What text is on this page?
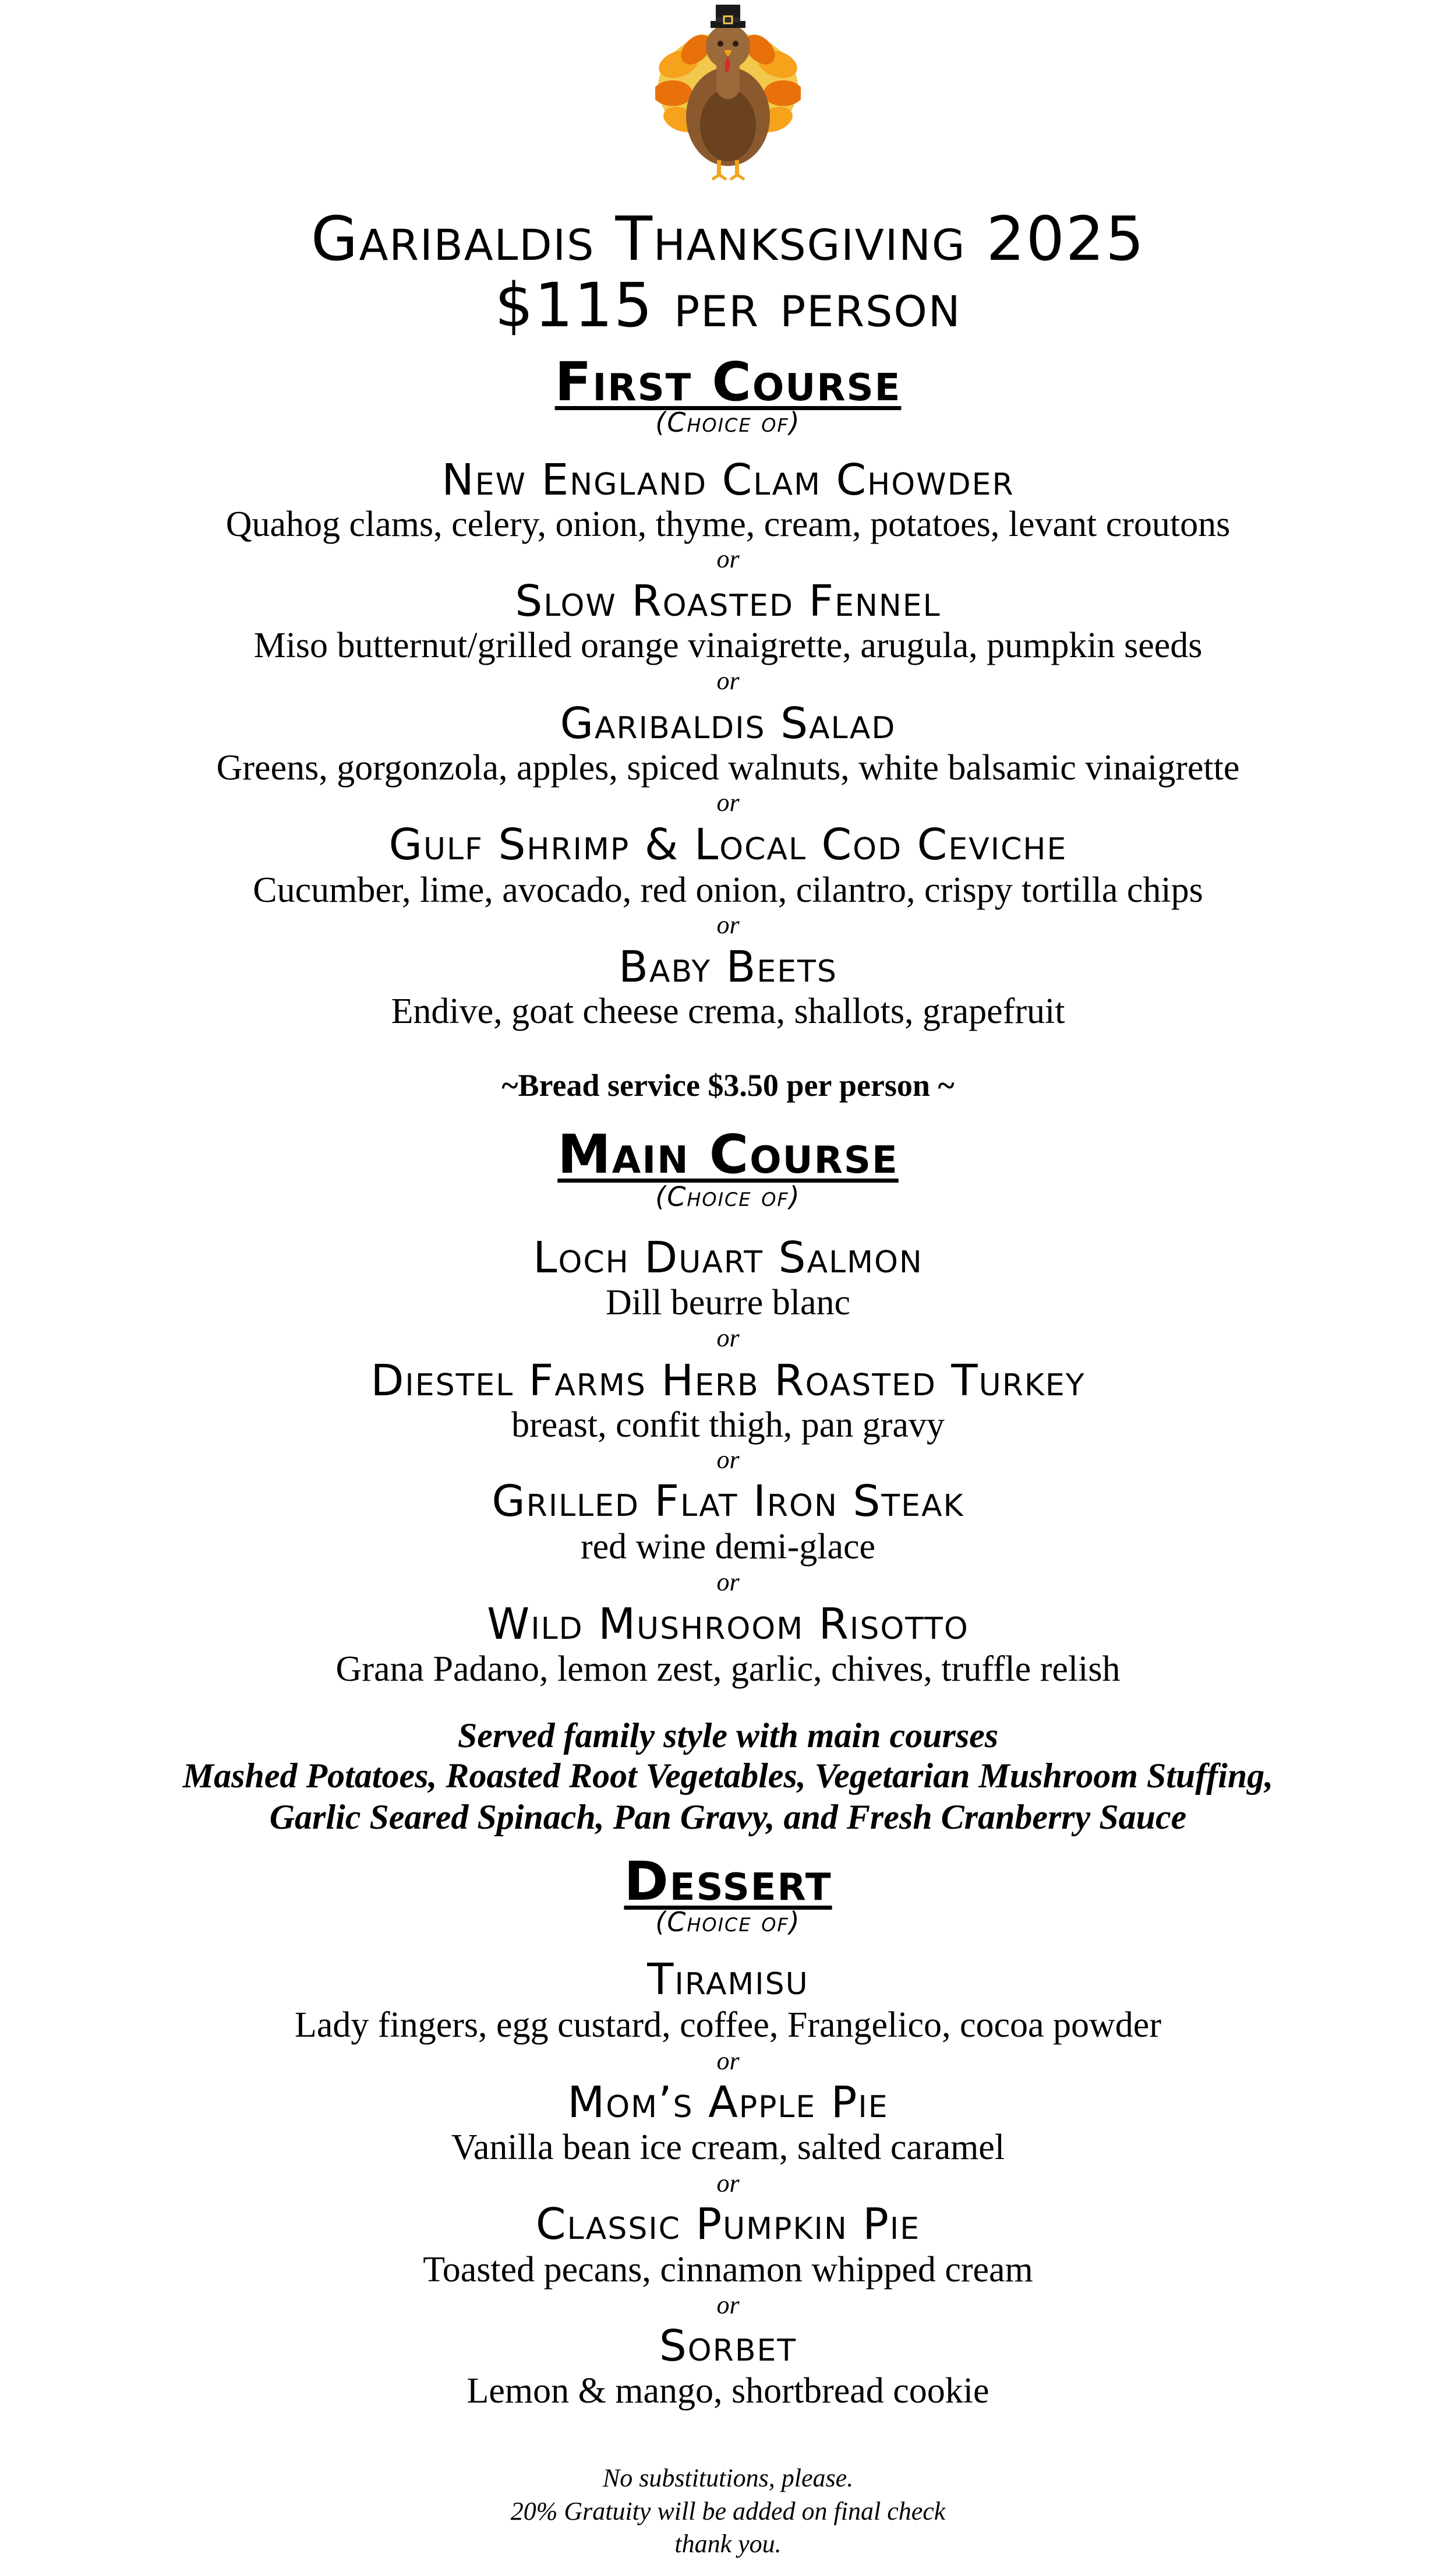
Garibaldis Thanksgiving 2025
$115 per person
First Course
(Choice of)
New England Clam Chowder
Quahog clams, celery, onion, thyme, cream, potatoes, levant croutons
or
Slow Roasted Fennel
Miso butternut/grilled orange vinaigrette, arugula, pumpkin seeds
or
Garibaldis Salad
Greens, gorgonzola, apples, spiced walnuts, white balsamic vinaigrette
or
Gulf Shrimp & Local Cod Ceviche
Cucumber, lime, avocado, red onion, cilantro, crispy tortilla chips
or
Baby Beets
Endive, goat cheese crema, shallots, grapefruit
~Bread service $3.50 per person ~
Main Course
(Choice of)
Loch Duart Salmon
Dill beurre blanc
or
Diestel Farms Herb Roasted Turkey
breast, confit thigh, pan gravy
or
Grilled Flat Iron Steak
red wine demi-glace
or
Wild Mushroom Risotto
Grana Padano, lemon zest, garlic, chives, truffle relish
Served family style with main courses
Mashed Potatoes, Roasted Root Vegetables, Vegetarian Mushroom Stuffing,
Garlic Seared Spinach, Pan Gravy, and Fresh Cranberry Sauce
Dessert
(Choice of)
Tiramisu
Lady fingers, egg custard, coffee, Frangelico, cocoa powder
or
Mom’s Apple Pie
Vanilla bean ice cream, salted caramel
or
Classic Pumpkin Pie
Toasted pecans, cinnamon whipped cream
or
Sorbet
Lemon & mango, shortbread cookie
No substitutions, please.
20% Gratuity will be added on final check
thank you.
